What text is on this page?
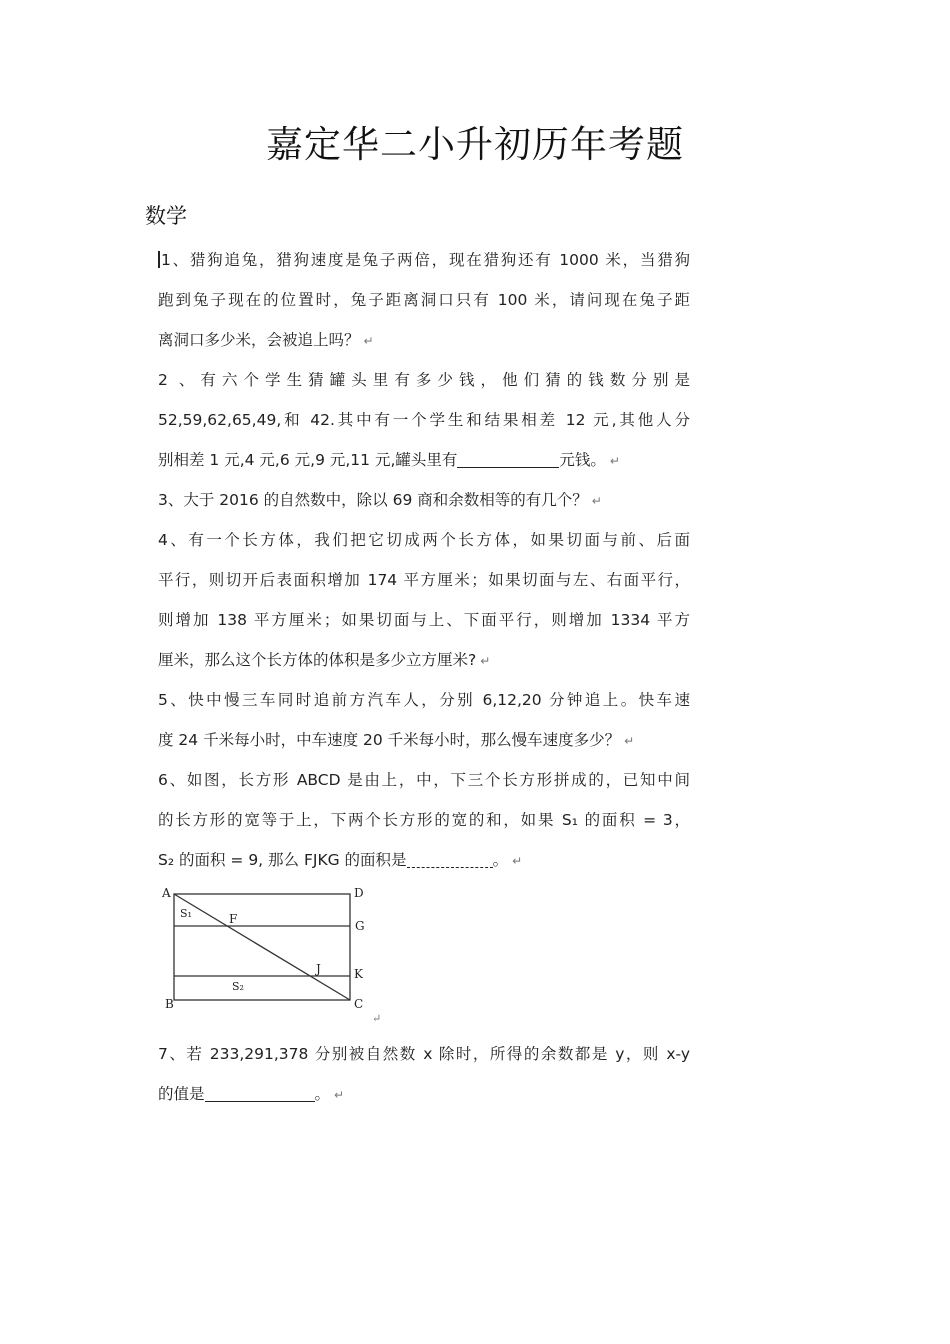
嘉定华二小升初历年考题
数学
1、猎狗追兔，猎狗速度是兔子两倍，现在猎狗还有 1000 米，当猎狗
跑到兔子现在的位置时，兔子距离洞口只有 100 米，请问现在兔子距
离洞口多少米，会被追上吗？ ↵
2 、有六个学生猜罐头里有多少钱，他们猜的钱数分别是
52,59,62,65,49,和 42.其中有一个学生和结果相差 12 元,其他人分
别相差 1 元,4 元,6 元,9 元,11 元,罐头里有	元钱。 ↵
3、大于 2016 的自然数中，除以 69 商和余数相等的有几个？ ↵
4、有一个长方体，我们把它切成两个长方体，如果切面与前、后面
平行，则切开后表面积增加 174 平方厘米；如果切面与左、右面平行，
则增加 138 平方厘米；如果切面与上、下面平行，则增加 1334 平方
厘米，那么这个长方体的体积是多少立方厘米? ↵
5、快中慢三车同时追前方汽车人，分别 6,12,20 分钟追上。快车速
度 24 千米每小时，中车速度 20 千米每小时，那么慢车速度多少？ ↵
6、如图，长方形 ABCD 是由上，中，下三个长方形拼成的，已知中间
的长方形的宽等于上，下两个长方形的宽的和，如果 S₁ 的面积 = 3，
S₂ 的面积 = 9, 那么 FJKG 的面积是	。 ↵
A	D
B	C
G
K
F
J
S₁
S₂
↵
7、若 233,291,378 分别被自然数 x 除时，所得的余数都是 y，则 x-y
的值是	。 ↵
